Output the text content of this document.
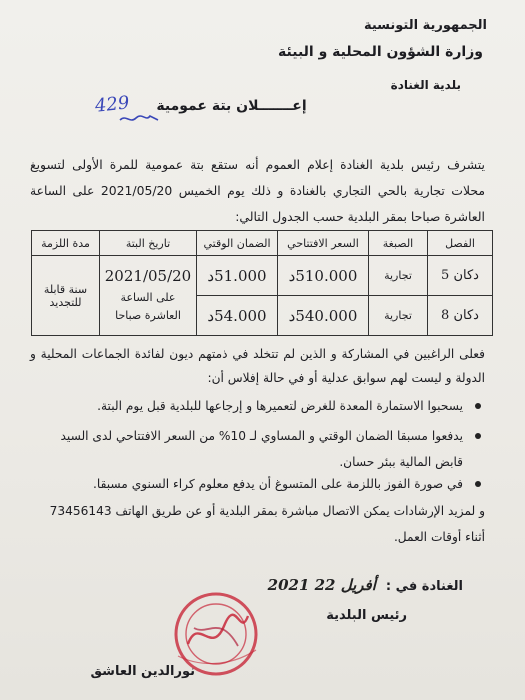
الجمهورية التونسية
وزارة الشؤون المحلية و البيئة
بلدية الغنادة
429	إعـــــــلان بتة عمومية
يتشرف رئيس بلدية الغنادة إعلام العموم أنه ستقع بتة عمومية للمرة الأولى لتسويغ محلات تجارية بالحي التجاري بالغنادة و ذلك يوم الخميس 2021/05/20 على الساعة العاشرة صباحا بمقر البلدية حسب الجدول التالي:
الفصل	الصبغة	السعر الافتتاحي	الضمان الوقتي	تاريخ البتة	مدة اللزمة
دكان 5	تجارية	510.000د	51.000د	2021/05/20
على الساعة العاشرة صباحا	سنة قابلة للتجديد
دكان 8	تجارية	540.000د	54.000د		
فعلى الراغبين في المشاركة و الذين لم تتخلد في ذمتهم ديون لفائدة الجماعات المحلية و الدولة و ليست لهم سوابق عدلية أو في حالة إفلاس أن:
يسحبوا الاستمارة المعدة للغرض لتعميرها و إرجاعها للبلدية قبل يوم البتة.
يدفعوا مسبقا الضمان الوقتي و المساوي لـ 10% من السعر الافتتاحي لدى السيد قابض المالية ببئر حسان.
في صورة الفوز باللزمة على المتسوغ أن يدفع معلوم كراء السنوي مسبقا.
و لمزيد الإرشادات يمكن الاتصال مباشرة بمقر البلدية أو عن طريق الهاتف 73456143 أثناء أوقات العمل.
الغنادة في :
2021 أفريل 22
رئيس البلدية
نورالدين العاشق
